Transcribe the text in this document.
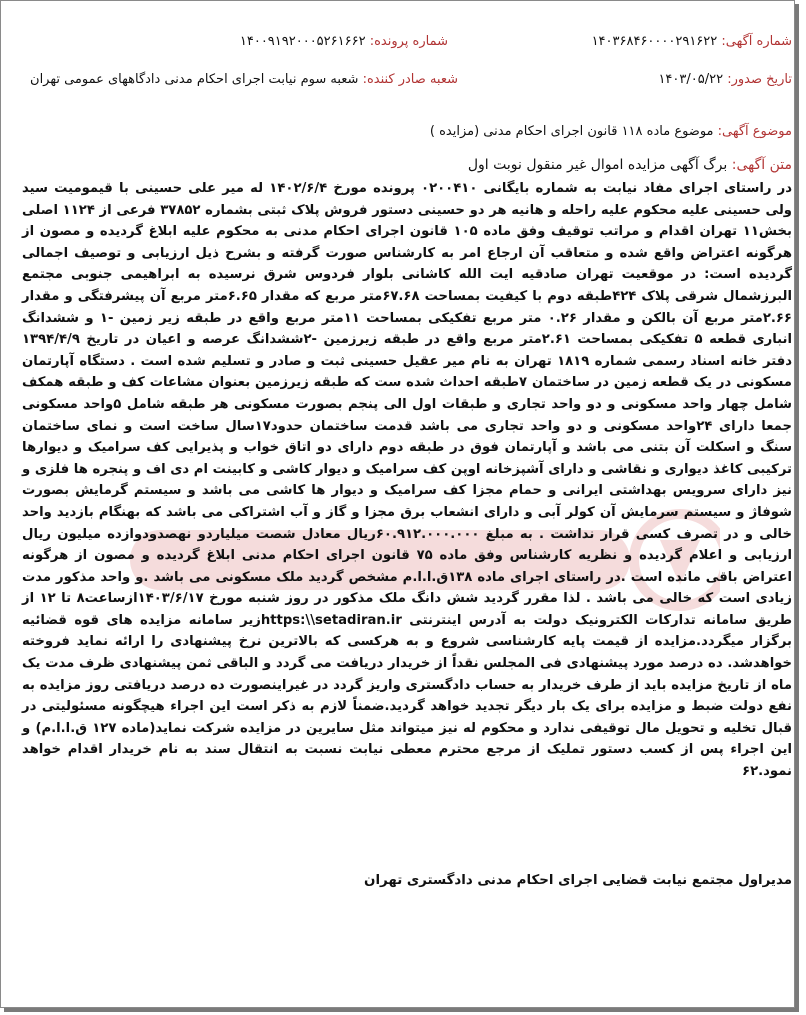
شماره آگهی: ۱۴۰۳۶۸۴۶۰۰۰۰۲۹۱۶۲۲
شماره پرونده: ۱۴۰۰۹۱۹۲۰۰۰۵۲۶۱۶۶۲
تاریخ صدور: ۱۴۰۳/۰۵/۲۲
شعبه صادر کننده: شعبه سوم نیابت اجرای احکام مدنی دادگاههای عمومی تهران
موضوع آگهی: موضوع ماده ۱۱۸ قانون اجرای احکام مدنی (مزایده )
متن آگهی: برگ آگهی مزایده اموال غیر منقول نوبت اول
در راستای اجرای مفاد نیابت به شماره بایگانی ۰۲۰۰۴۱۰ پرونده مورخ ۱۴۰۲/۶/۴ له میر علی حسینی با قیمومیت سید ولی حسینی علیه محکوم علیه راحله و هانیه هر دو حسینی دستور فروش پلاک ثبتی بشماره ۳۷۸۵۲ فرعی از ۱۱۲۴ اصلی بخش۱۱ تهران اقدام و مراتب توقیف وفق ماده ۱۰۵ قانون اجرای احکام مدنی به محکوم علیه ابلاغ گردیده و مصون از هرگونه اعتراض واقع شده و متعاقب آن ارجاع امر به کارشناس صورت گرفته و بشرح ذیل ارزیابی و توصیف اجمالی گردیده است: در موقعیت تهران صادقیه ایت الله کاشانی بلوار فردوس شرق نرسیده به ابراهیمی جنوبی مجتمع البرزشمال شرقی پلاک ۴۲۴طبقه دوم با کیفیت بمساحت ۶۷.۶۸متر مربع که مقدار ۶.۶۵متر مربع آن پیشرفتگی و مقدار ۲.۶۶متر مربع آن بالکن و مقدار ۰.۲۶ متر مربع تفکیکی بمساحت ۱۱متر مربع واقع در طبقه زیر زمین -۱ و ششدانگ انباری قطعه ۵ تفکیکی بمساحت ۲.۶۱متر مربع واقع در طبقه زیرزمین -۲ششدانگ عرصه و اعیان در تاریخ ۱۳۹۴/۴/۹ دفتر خانه اسناد رسمی شماره ۱۸۱۹ تهران به نام میر عقیل حسینی ثبت و صادر و تسلیم شده است . دستگاه آپارتمان مسکونی در یک قطعه زمین در ساختمان ۷طبقه احداث شده ست که طبقه زیرزمین بعنوان مشاعات کف و طبقه همکف شامل چهار واحد مسکونی و دو واحد تجاری و طبقات اول الی پنجم بصورت مسکونی هر طبقه شامل ۵واحد مسکونی جمعا دارای ۲۴واحد مسکونی و دو واحد تجاری می باشد قدمت ساختمان حدود۱۷سال ساخت است و نمای ساختمان سنگ و اسکلت آن بتنی می باشد و آپارتمان فوق در طبقه دوم دارای دو اتاق خواب و پذیرایی کف سرامیک و دیوارها ترکیبی کاغذ دیواری و نقاشی و دارای آشپزخانه اوپن کف سرامیک و دیوار کاشی و کابینت ام دی اف و پنجره ها فلزی و نیز دارای سرویس بهداشتی ایرانی و حمام مجزا کف سرامیک و دیوار ها کاشی می باشد و سیستم گرمایش بصورت شوفاژ و سیستم سرمایش آن کولر آبی و دارای انشعاب برق مجزا و گاز و آب اشتراکی می باشد که بهنگام بازدید واحد خالی و در تصرف کسی قرار نداشت . به مبلغ ۶۰.۹۱۲.۰۰۰.۰۰۰ریال معادل شصت میلیاردو نهصدودوازده میلیون ریال ارزیابی و اعلام گردیده و نظریه کارشناس وفق ماده ۷۵ قانون اجرای احکام مدنی ابلاغ گردیده و مصون از هرگونه اعتراض باقی مانده است .در راستای اجرای ماده ۱۳۸ق.ا.ا.م مشخص گردید ملک مسکونی می باشد .و واحد مذکور مدت زیادی است که خالی می باشد . لذا مقرر گردید شش دانگ ملک مذکور در روز شنبه مورخ ۱۴۰۳/۶/۱۷ازساعت۸ تا ۱۲ از طریق سامانه تدارکات الکترونیک دولت به آدرس اینترنتی https:\\setadiran.irزیر سامانه مزایده های قوه قضائیه برگزار میگردد.مزایده از قیمت پایه کارشناسی شروع و به هرکسی که بالاترین نرخ پیشنهادی را ارائه نماید فروخته خواهدشد. ده درصد مورد پیشنهادی فی المجلس نقداً از خریدار دریافت می گردد و الباقی ثمن پیشنهادی ظرف مدت یک ماه از تاریخ مزایده باید از طرف خریدار به حساب دادگستری واریز گردد در غیراینصورت ده درصد دریافتی روز مزایده به نفع دولت ضبط و مزایده برای یک بار دیگر تجدید خواهد گردید.ضمناً لازم به ذکر است این اجراء هیچگونه مسئولیتی در قبال تخلیه و تحویل مال توقیفی ندارد و محکوم له نیز میتواند مثل سایرین در مزایده شرکت نماید(ماده ۱۲۷ ق.ا.ا.م) و این اجراء پس از کسب دستور تملیک از مرجع محترم معطی نیابت نسبت به انتقال سند به نام خریدار اقدام خواهد نمود.۶۲
مدیراول مجتمع نیابت قضایی اجرای احکام مدنی دادگستری تهران
